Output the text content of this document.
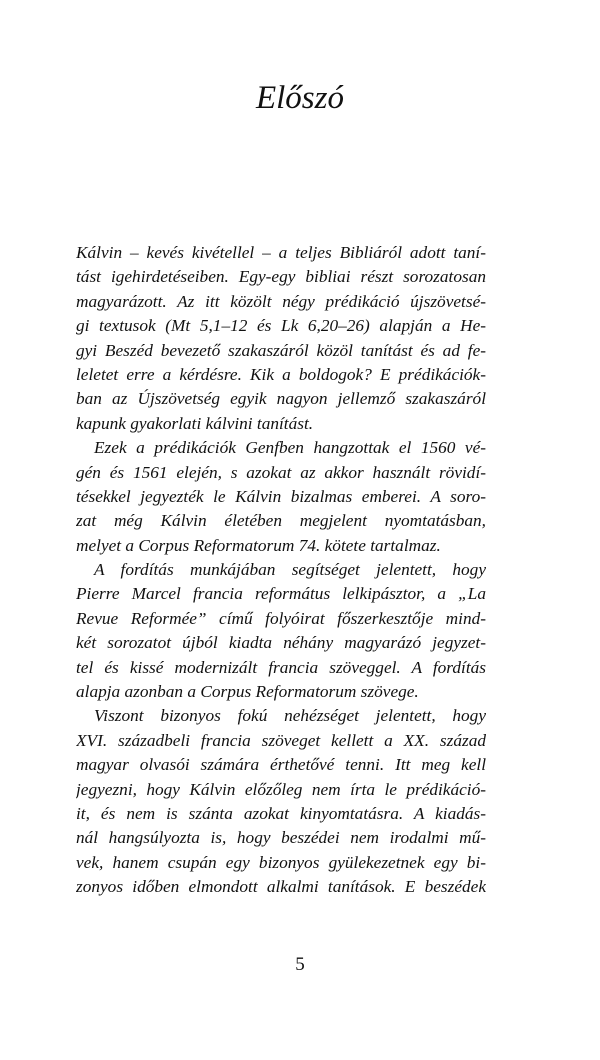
Előszó
Kálvin – kevés kivétellel – a teljes Bibliáról adott taní-
tást igehirdetéseiben. Egy-egy bibliai részt sorozatosan
magyarázott. Az itt közölt négy prédikáció újszövetsé-
gi textusok (Mt 5,1–12 és Lk 6,20–26) alapján a He-
gyi Beszéd bevezető szakaszáról közöl tanítást és ad fe-
leletet erre a kérdésre. Kik a boldogok? E prédikációk-
ban az Újszövetség egyik nagyon jellemző szakaszáról
kapunk gyakorlati kálvini tanítást.
Ezek a prédikációk Genfben hangzottak el 1560 vé-
gén és 1561 elején, s azokat az akkor használt rövidí-
tésekkel jegyezték le Kálvin bizalmas emberei. A soro-
zat még Kálvin életében megjelent nyomtatásban,
melyet a Corpus Reformatorum 74. kötete tartalmaz.
A fordítás munkájában segítséget jelentett, hogy
Pierre Marcel francia református lelkipásztor, a „La
Revue Reformée” című folyóirat főszerkesztője mind-
két sorozatot újból kiadta néhány magyarázó jegyzet-
tel és kissé modernizált francia szöveggel. A fordítás
alapja azonban a Corpus Reformatorum szövege.
Viszont bizonyos fokú nehézséget jelentett, hogy
XVI. századbeli francia szöveget kellett a XX. század
magyar olvasói számára érthetővé tenni. Itt meg kell
jegyezni, hogy Kálvin előzőleg nem írta le prédikáció-
it, és nem is szánta azokat kinyomtatásra. A kiadás-
nál hangsúlyozta is, hogy beszédei nem irodalmi mű-
vek, hanem csupán egy bizonyos gyülekezetnek egy bi-
zonyos időben elmondott alkalmi tanítások. E beszédek
5
